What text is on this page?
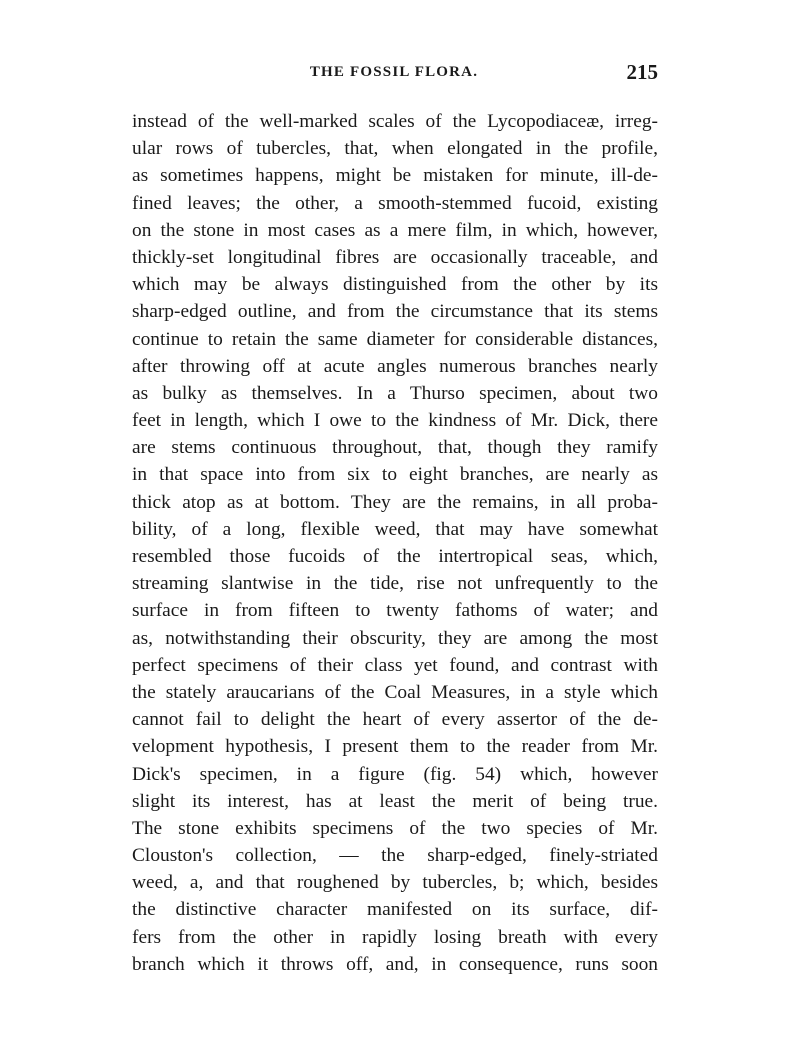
THE FOSSIL FLORA.	215
instead of the well-marked scales of the Lycopodiaceæ, irreg-
ular rows of tubercles, that, when elongated in the profile,
as sometimes happens, might be mistaken for minute, ill-de-
fined leaves; the other, a smooth-stemmed fucoid, existing
on the stone in most cases as a mere film, in which, however,
thickly-set longitudinal fibres are occasionally traceable, and
which may be always distinguished from the other by its
sharp-edged outline, and from the circumstance that its stems
continue to retain the same diameter for considerable distances,
after throwing off at acute angles numerous branches nearly
as bulky as themselves. In a Thurso specimen, about two
feet in length, which I owe to the kindness of Mr. Dick, there
are stems continuous throughout, that, though they ramify
in that space into from six to eight branches, are nearly as
thick atop as at bottom. They are the remains, in all proba-
bility, of a long, flexible weed, that may have somewhat
resembled those fucoids of the intertropical seas, which,
streaming slantwise in the tide, rise not unfrequently to the
surface in from fifteen to twenty fathoms of water; and
as, notwithstanding their obscurity, they are among the most
perfect specimens of their class yet found, and contrast with
the stately araucarians of the Coal Measures, in a style which
cannot fail to delight the heart of every assertor of the de-
velopment hypothesis, I present them to the reader from Mr.
Dick's specimen, in a figure (fig. 54) which, however
slight its interest, has at least the merit of being true.
The stone exhibits specimens of the two species of Mr.
Clouston's collection, — the sharp-edged, finely-striated
weed, a, and that roughened by tubercles, b; which, besides
the distinctive character manifested on its surface, dif-
fers from the other in rapidly losing breath with every
branch which it throws off, and, in consequence, runs soon
